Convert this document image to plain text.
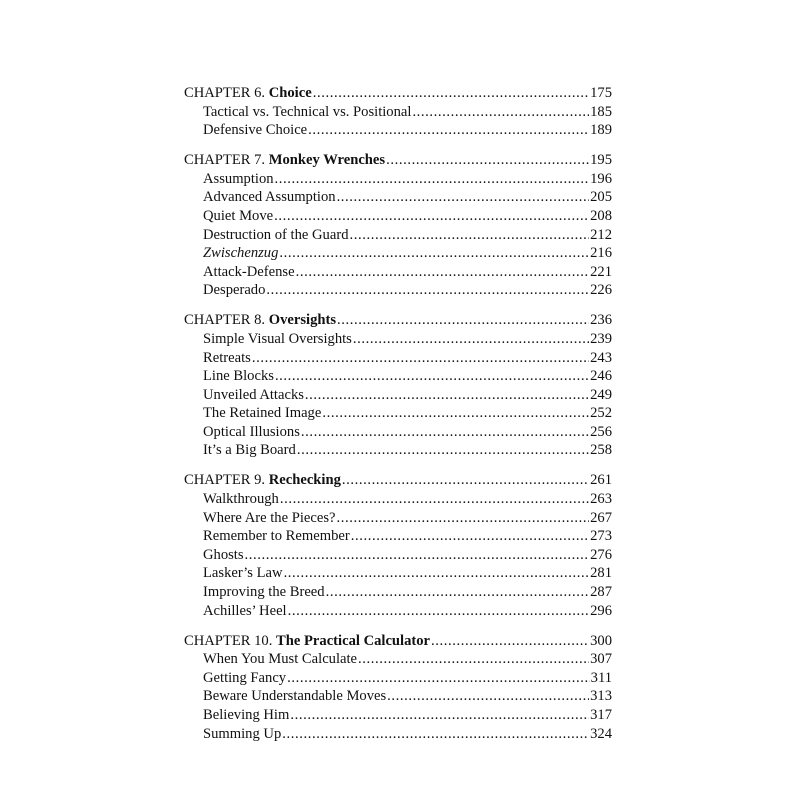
CHAPTER 6. Choice .....	175
Tactical vs. Technical vs. Positional .....	185
Defensive Choice .....	189
CHAPTER 7. Monkey Wrenches .....	195
Assumption .....	196
Advanced Assumption .....	205
Quiet Move .....	208
Destruction of the Guard .....	212
Zwischenzug .....	216
Attack-Defense .....	221
Desperado .....	226
CHAPTER 8. Oversights .....	236
Simple Visual Oversights .....	239
Retreats .....	243
Line Blocks .....	246
Unveiled Attacks .....	249
The Retained Image .....	252
Optical Illusions .....	256
It’s a Big Board .....	258
CHAPTER 9. Rechecking .....	261
Walkthrough .....	263
Where Are the Pieces? .....	267
Remember to Remember .....	273
Ghosts .....	276
Lasker’s Law .....	281
Improving the Breed .....	287
Achilles’ Heel .....	296
CHAPTER 10. The Practical Calculator .....	300
When You Must Calculate .....	307
Getting Fancy .....	311
Beware Understandable Moves .....	313
Believing Him .....	317
Summing Up .....	324
